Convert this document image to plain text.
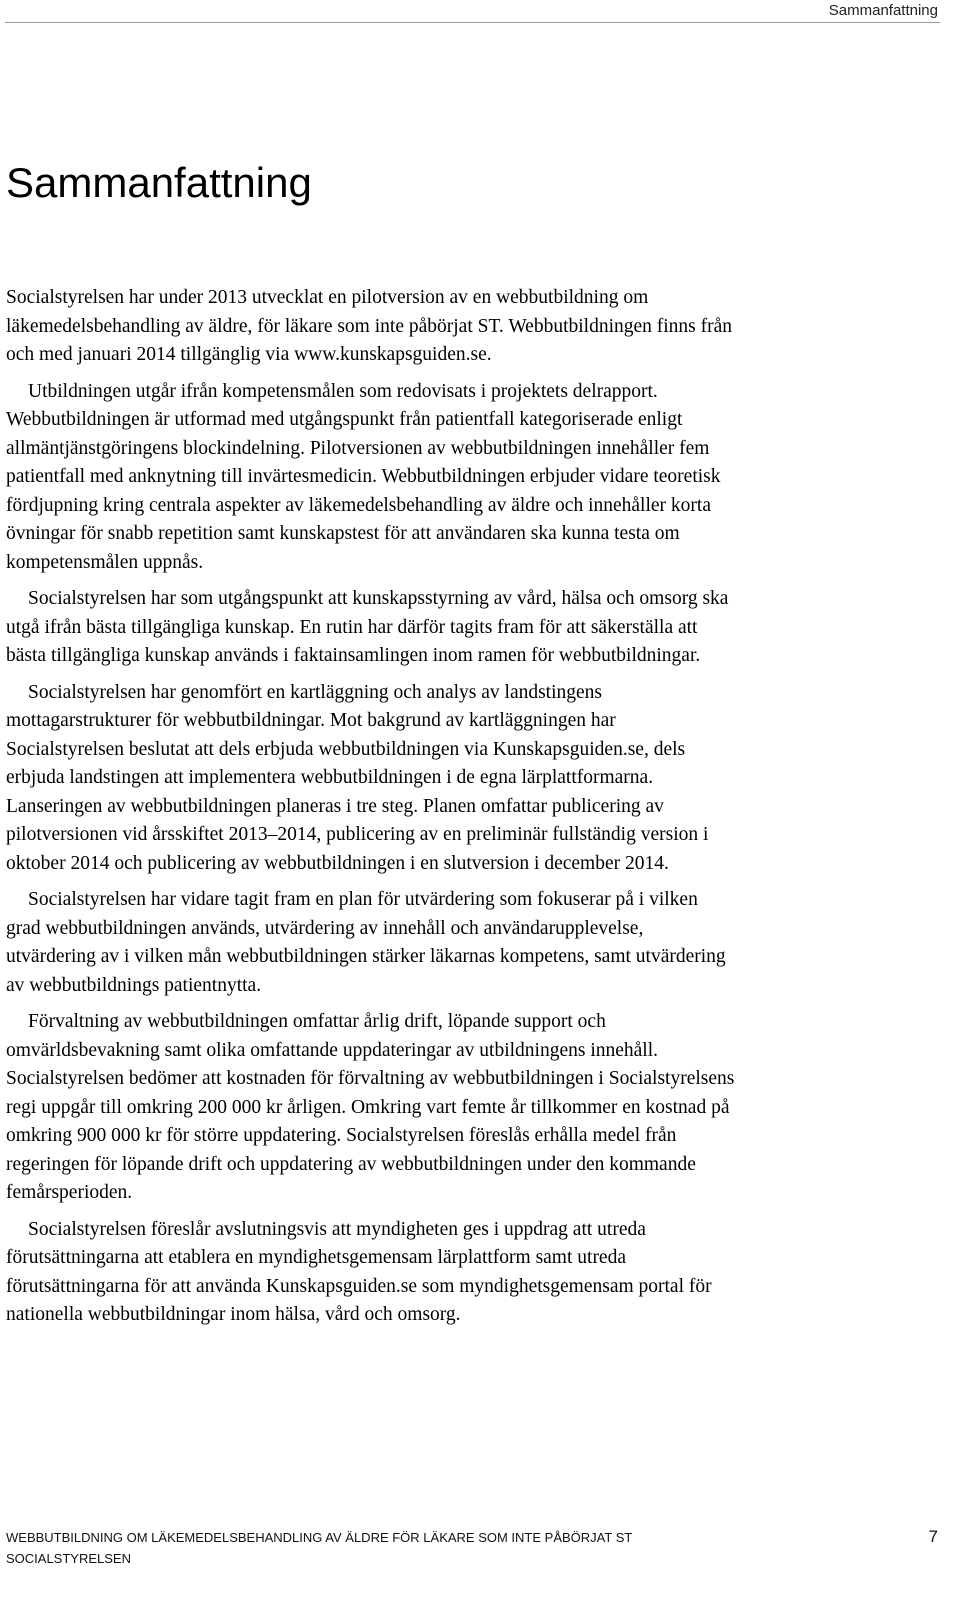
Sammanfattning
Sammanfattning

Socialstyrelsen har under 2013 utvecklat en pilotversion av en webbutbildning om läkemedelsbehandling av äldre, för läkare som inte påbörjat ST. Webbutbildningen finns från och med januari 2014 tillgänglig via www.kunskapsguiden.se.

Utbildningen utgår ifrån kompetensmålen som redovisats i projektets delrapport. Webbutbildningen är utformad med utgångspunkt från patientfall kategoriserade enligt allmäntjänstgöringens blockindelning. Pilotversionen av webbutbildningen innehåller fem patientfall med anknytning till invärtesmedicin. Webbutbildningen erbjuder vidare teoretisk fördjupning kring centrala aspekter av läkemedelsbehandling av äldre och innehåller korta övningar för snabb repetition samt kunskapstest för att användaren ska kunna testa om kompetensmålen uppnås.

Socialstyrelsen har som utgångspunkt att kunskapsstyrning av vård, hälsa och omsorg ska utgå ifrån bästa tillgängliga kunskap. En rutin har därför tagits fram för att säkerställa att bästa tillgängliga kunskap används i faktainsamlingen inom ramen för webbutbildningar.

Socialstyrelsen har genomfört en kartläggning och analys av landstingens mottagarstrukturer för webbutbildningar. Mot bakgrund av kartläggningen har Socialstyrelsen beslutat att dels erbjuda webbutbildningen via Kunskapsguiden.se, dels erbjuda landstingen att implementera webbutbildningen i de egna lärplattformarna. Lanseringen av webbutbildningen planeras i tre steg. Planen omfattar publicering av pilotversionen vid årsskiftet 2013–2014, publicering av en preliminär fullständig version i oktober 2014 och publicering av webbutbildningen i en slutversion i december 2014.

Socialstyrelsen har vidare tagit fram en plan för utvärdering som fokuserar på i vilken grad webbutbildningen används, utvärdering av innehåll och användarupplevelse, utvärdering av i vilken mån webbutbildningen stärker läkarnas kompetens, samt utvärdering av webbutbildnings patientnytta.

Förvaltning av webbutbildningen omfattar årlig drift, löpande support och omvärldsbevakning samt olika omfattande uppdateringar av utbildningens innehåll. Socialstyrelsen bedömer att kostnaden för förvaltning av webbutbildningen i Socialstyrelsens regi uppgår till omkring 200 000 kr årligen. Omkring vart femte år tillkommer en kostnad på omkring 900 000 kr för större uppdatering. Socialstyrelsen föreslås erhålla medel från regeringen för löpande drift och uppdatering av webbutbildningen under den kommande femårsperioden.

Socialstyrelsen föreslår avslutningsvis att myndigheten ges i uppdrag att utreda förutsättningarna att etablera en myndighetsgemensam lärplattform samt utreda förutsättningarna för att använda Kunskapsguiden.se som myndighetsgemensam portal för nationella webbutbildningar inom hälsa, vård och omsorg.

WEBBUTBILDNING OM LÄKEMEDELSBEHANDLING AV ÄLDRE FÖR LÄKARE SOM INTE PÅBÖRJAT ST
SOCIALSTYRELSEN
7
